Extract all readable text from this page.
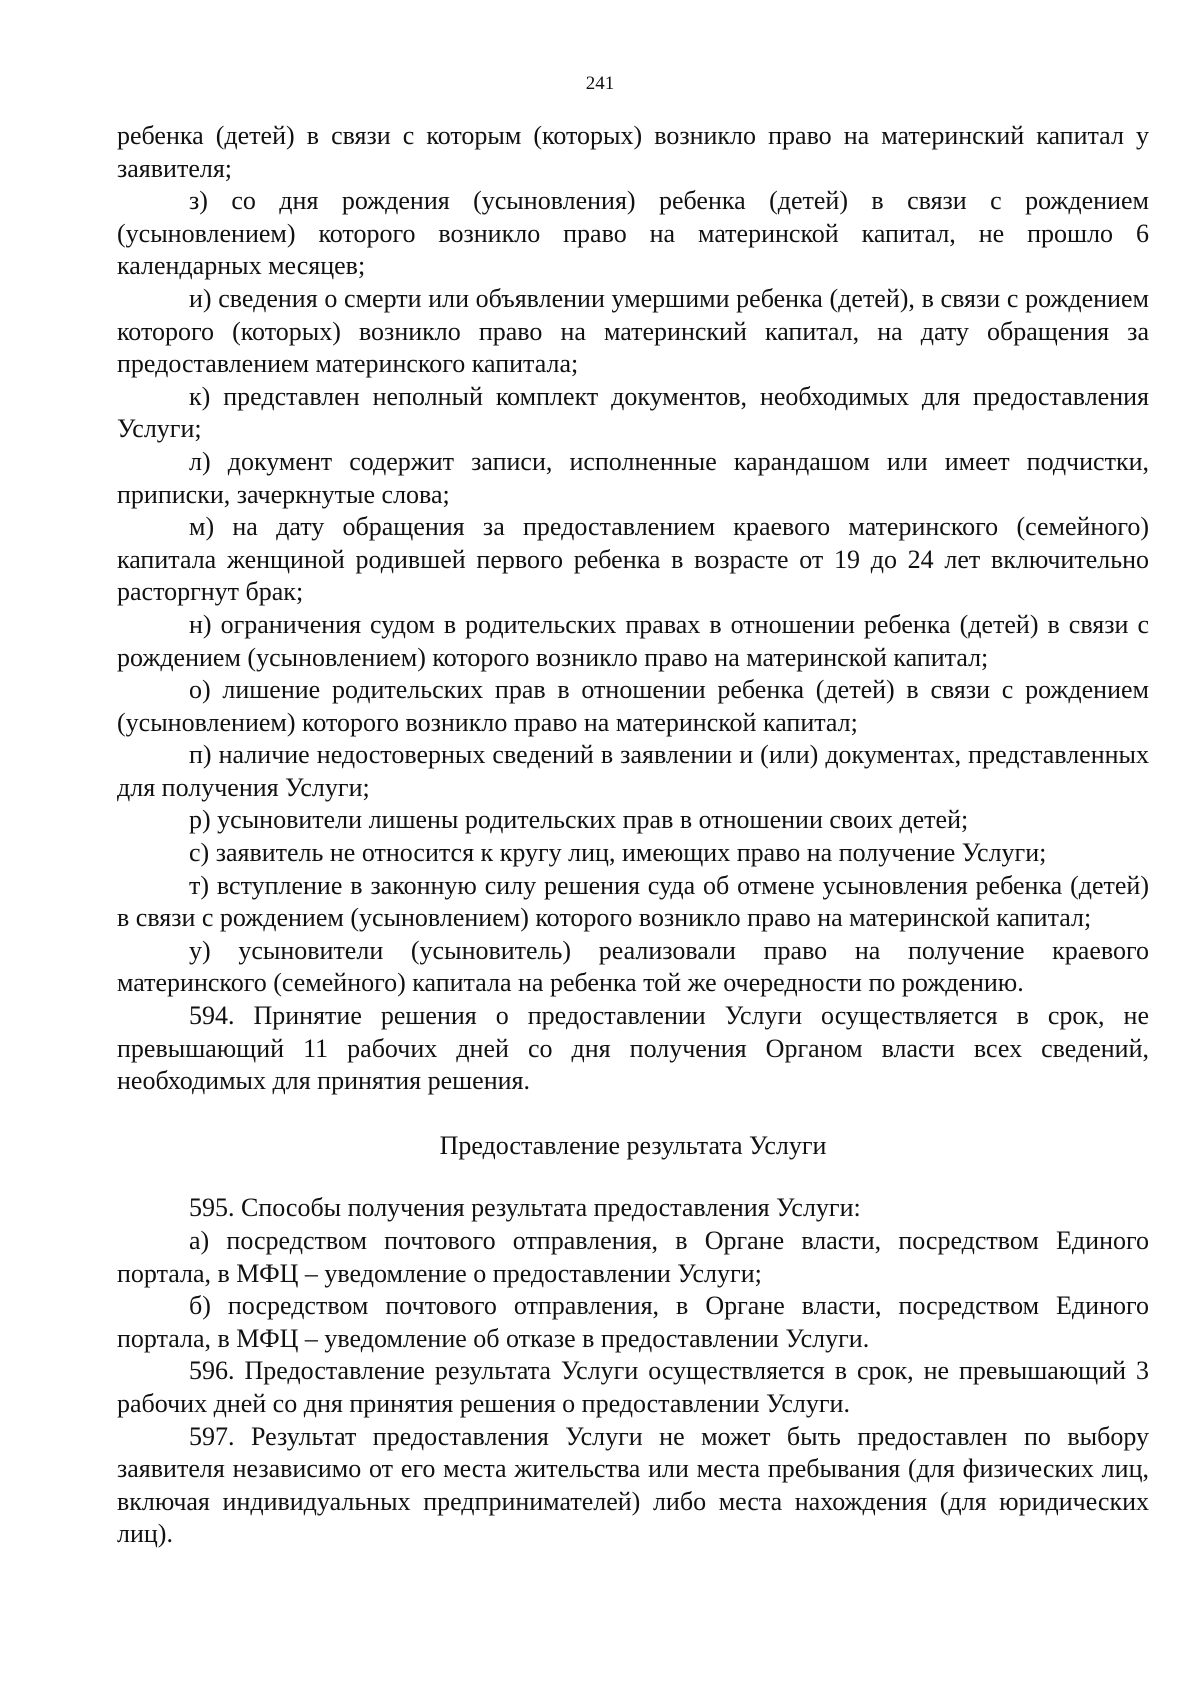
241

ребенка (детей) в связи с которым (которых) возникло право на материнский капитал у заявителя;

з) со дня рождения (усыновления) ребенка (детей) в связи с рождением (усыновлением) которого возникло право на материнской капитал, не прошло 6 календарных месяцев;

и) сведения о смерти или объявлении умершими ребенка (детей), в связи с рождением которого (которых) возникло право на материнский капитал, на дату обращения за предоставлением материнского капитала;

к) представлен неполный комплект документов, необходимых для предоставления Услуги;

л) документ содержит записи, исполненные карандашом или имеет подчистки, приписки, зачеркнутые слова;

м) на дату обращения за предоставлением краевого материнского (семейного) капитала женщиной родившей первого ребенка в возрасте от 19 до 24 лет включительно расторгнут брак;

н) ограничения судом в родительских правах в отношении ребенка (детей) в связи с рождением (усыновлением) которого возникло право на материнской капитал;

о) лишение родительских прав в отношении ребенка (детей) в связи с рождением (усыновлением) которого возникло право на материнской капитал;

п) наличие недостоверных сведений в заявлении и (или) документах, представленных для получения Услуги;

р) усыновители лишены родительских прав в отношении своих детей;

с) заявитель не относится к кругу лиц, имеющих право на получение Услуги;

т) вступление в законную силу решения суда об отмене усыновления ребенка (детей) в связи с рождением (усыновлением) которого возникло право на материнской капитал;

у) усыновители (усыновитель) реализовали право на получение краевого материнского (семейного) капитала на ребенка той же очередности по рождению.

594. Принятие решения о предоставлении Услуги осуществляется в срок, не превышающий 11 рабочих дней со дня получения Органом власти всех сведений, необходимых для принятия решения.

Предоставление результата Услуги

595. Способы получения результата предоставления Услуги:

а) посредством почтового отправления, в Органе власти, посредством Единого портала, в МФЦ – уведомление о предоставлении Услуги;

б) посредством почтового отправления, в Органе власти, посредством Единого портала, в МФЦ – уведомление об отказе в предоставлении Услуги.

596. Предоставление результата Услуги осуществляется в срок, не превышающий 3 рабочих дней со дня принятия решения о предоставлении Услуги.

597. Результат предоставления Услуги не может быть предоставлен по выбору заявителя независимо от его места жительства или места пребывания (для физических лиц, включая индивидуальных предпринимателей) либо места нахождения (для юридических лиц).
